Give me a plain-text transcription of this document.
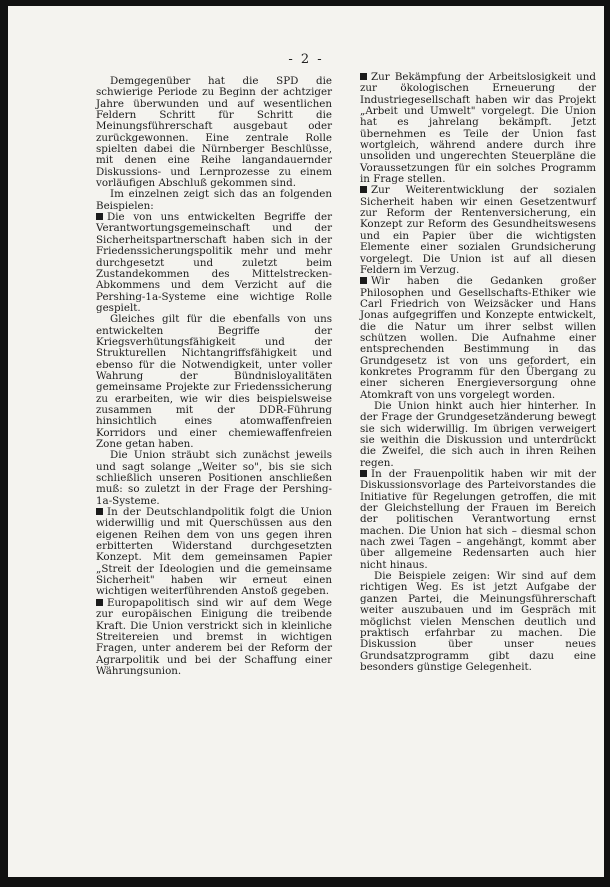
- 2 -

Demgegenüber hat die SPD die schwierige Periode zu Beginn der achtziger Jahre überwunden und auf wesentlichen Feldern Schritt für Schritt die Meinungsführerschaft ausgebaut oder zurückgewonnen. Eine zentrale Rolle spielten dabei die Nürnberger Beschlüsse, mit denen eine Reihe langandauernder Diskussions- und Lernprozesse zu einem vorläufigen Abschluß gekommen sind.

Im einzelnen zeigt sich das an folgenden Beispielen:

Die von uns entwickelten Begriffe der Verantwortungsgemeinschaft und der Sicherheitspartnerschaft haben sich in der Friedenssicherungspolitik mehr und mehr durchgesetzt und zuletzt beim Zustandekommen des Mittelstrecken-Abkommens und dem Verzicht auf die Pershing-1a-Systeme eine wichtige Rolle gespielt.

Gleiches gilt für die ebenfalls von uns entwickelten Begriffe der Kriegsverhütungsfähigkeit und der Strukturellen Nichtangriffsfähigkeit und ebenso für die Notwendigkeit, unter voller Wahrung der Bündnisloyalitäten gemeinsame Projekte zur Friedenssicherung zu erarbeiten, wie wir dies beispielsweise zusammen mit der DDR-Führung hinsichtlich eines atomwaffenfreien Korridors und einer chemiewaffenfreien Zone getan haben.

Die Union sträubt sich zunächst jeweils und sagt solange „Weiter so", bis sie sich schließlich unseren Positionen anschließen muß: so zuletzt in der Frage der Pershing-1a-Systeme.

In der Deutschlandpolitik folgt die Union widerwillig und mit Querschüssen aus den eigenen Reihen dem von uns gegen ihren erbitterten Widerstand durchgesetzten Konzept. Mit dem gemeinsamen Papier „Streit der Ideologien und die gemeinsame Sicherheit" haben wir erneut einen wichtigen weiterführenden Anstoß gegeben.

Europapolitisch sind wir auf dem Wege zur europäischen Einigung die treibende Kraft. Die Union verstrickt sich in kleinliche Streitereien und bremst in wichtigen Fragen, unter anderem bei der Reform der Agrarpolitik und bei der Schaffung einer Währungsunion.

Zur Bekämpfung der Arbeitslosigkeit und zur ökologischen Erneuerung der Industriegesellschaft haben wir das Projekt „Arbeit und Umwelt" vorgelegt. Die Union hat es jahrelang bekämpft. Jetzt übernehmen es Teile der Union fast wortgleich, während andere durch ihre unsoliden und ungerechten Steuerpläne die Voraussetzungen für ein solches Programm in Frage stellen.

Zur Weiterentwicklung der sozialen Sicherheit haben wir einen Gesetzentwurf zur Reform der Rentenversicherung, ein Konzept zur Reform des Gesundheitswesens und ein Papier über die wichtigsten Elemente einer sozialen Grundsicherung vorgelegt. Die Union ist auf all diesen Feldern im Verzug.

Wir haben die Gedanken großer Philosophen und Gesellschafts-Ethiker wie Carl Friedrich von Weizsäcker und Hans Jonas aufgegriffen und Konzepte entwickelt, die die Natur um ihrer selbst willen schützen wollen. Die Aufnahme einer entsprechenden Bestimmung in das Grundgesetz ist von uns gefordert, ein konkretes Programm für den Übergang zu einer sicheren Energieversorgung ohne Atomkraft von uns vorgelegt worden.

Die Union hinkt auch hier hinterher. In der Frage der Grundgesetzänderung bewegt sie sich widerwillig. Im übrigen verweigert sie weithin die Diskussion und unterdrückt die Zweifel, die sich auch in ihren Reihen regen.

In der Frauenpolitik haben wir mit der Diskussionsvorlage des Parteivorstandes die Initiative für Regelungen getroffen, die mit der Gleichstellung der Frauen im Bereich der politischen Verantwortung ernst machen. Die Union hat sich – diesmal schon nach zwei Tagen – angehängt, kommt aber über allgemeine Redensarten auch hier nicht hinaus.

Die Beispiele zeigen: Wir sind auf dem richtigen Weg. Es ist jetzt Aufgabe der ganzen Partei, die Meinungsführerschaft weiter auszubauen und im Gespräch mit möglichst vielen Menschen deutlich und praktisch erfahrbar zu machen. Die Diskussion über unser neues Grundsatzprogramm gibt dazu eine besonders günstige Gelegenheit.
